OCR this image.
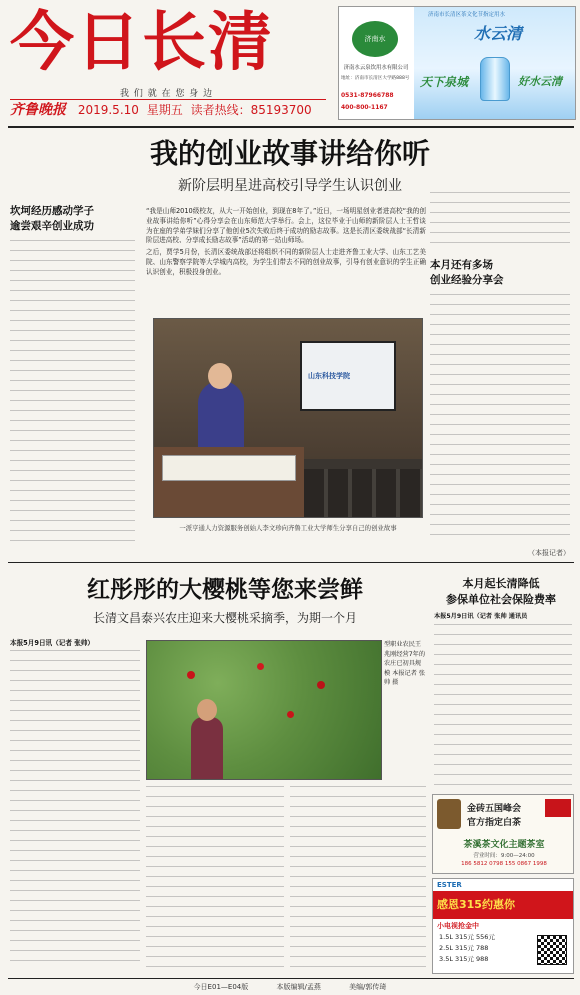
今日长清
我 们 就 在 您 身 边
齐鲁晚报 2019.5.10 星期五 读者热线：85193700
济南水
济南水云泉饮用水有限公司
地址：济南市长清区大学路888号
0531-87966788
400-800-1167
济南市长清区茶文化节指定用水
水云清
天下泉城	好水云清
我的创业故事讲给你听
新阶层明星进高校引导学生认识创业
坎坷经历感动学子
逾尝艰辛创业成功

“我是山师2010级校友，从大一开始创业，到现在8年了。”近日，一场明星创业者进高校“我的创业故事讲给你听”心得分享会在山东师范大学举行。会上，这位毕业于山师的新阶层人士王哲谈为在座的学弟学妹们分享了他创业5次失败后终于成功的励志故事。这是长清区委统战部“长清新阶层进高校、分享成长励志故事”活动的第一站山师场。

之后，贾学5月份，长清区委统战部还将组织不同的新阶层人士走进齐鲁工业大学、山东工艺美院、山东警察学院等大学城内高校，为学生们带去不同的创业故事，引导有创业意识的学生正确认识创业，积极投身创业。

本月还有多场
创业经验分享会
（本报记者）
山东科技学院
一派亨通人力资源服务创始人李文珍向齐鲁工业大学师生分享自己的创业故事
红彤彤的大樱桃等您来尝鲜
长清文昌泰兴农庄迎来大樱桃采摘季，为期一个月
本报5月9日讯（记者 张帅）	型职业农民王兆刚经营7年的农庄已初具规模 本报记者 张帅 摄
本月起长清降低
参保单位社会保险费率
本报5月9日讯（记者 张帅 通讯员
金砖五国峰会
官方指定白茶
茶溪茶文化主题茶室
营业时间：9:00—24:00
186 5812 0798 155 0867 1998
ESTER
感恩315约惠你
小电视抢金中
1.5L 315元 556元
2.5L 315元 788
3.5L 315元 988
今日E01—E04版	本版编辑/孟燕	美编/郭传琦
